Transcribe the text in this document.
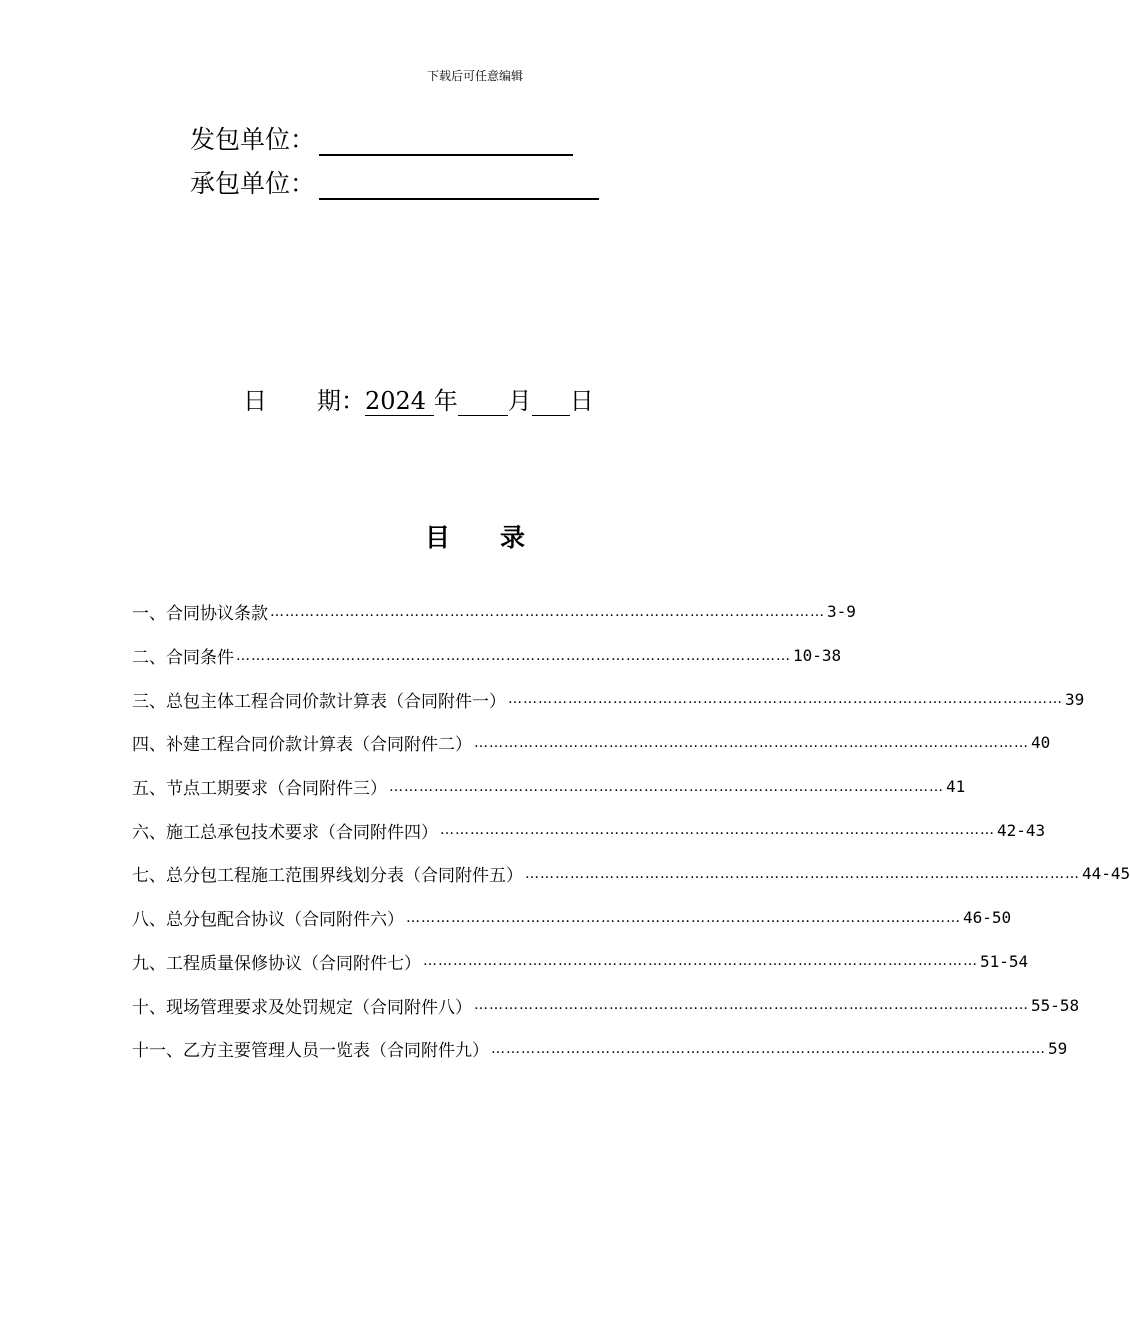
下载后可任意编辑
发包单位：
承包单位：
日 期： 2024 年 月 日
目 录
一、合同协议条款 ………………………………………………………………………………………………… 3-9
二、合同条件 ………………………………………………………………………………………………… 10-38
三、总包主体工程合同价款计算表（合同附件一） ………………………………………………………………………………………………… 39
四、补建工程合同价款计算表（合同附件二） ………………………………………………………………………………………………… 40
五、节点工期要求（合同附件三） ………………………………………………………………………………………………… 41
六、施工总承包技术要求（合同附件四） ………………………………………………………………………………………………… 42-43
七、总分包工程施工范围界线划分表（合同附件五） ………………………………………………………………………………………………… 44-45
八、总分包配合协议（合同附件六） ………………………………………………………………………………………………… 46-50
九、工程质量保修协议（合同附件七） ………………………………………………………………………………………………… 51-54
十、现场管理要求及处罚规定（合同附件八） ………………………………………………………………………………………………… 55-58
十一、乙方主要管理人员一览表（合同附件九） ………………………………………………………………………………………………… 59
